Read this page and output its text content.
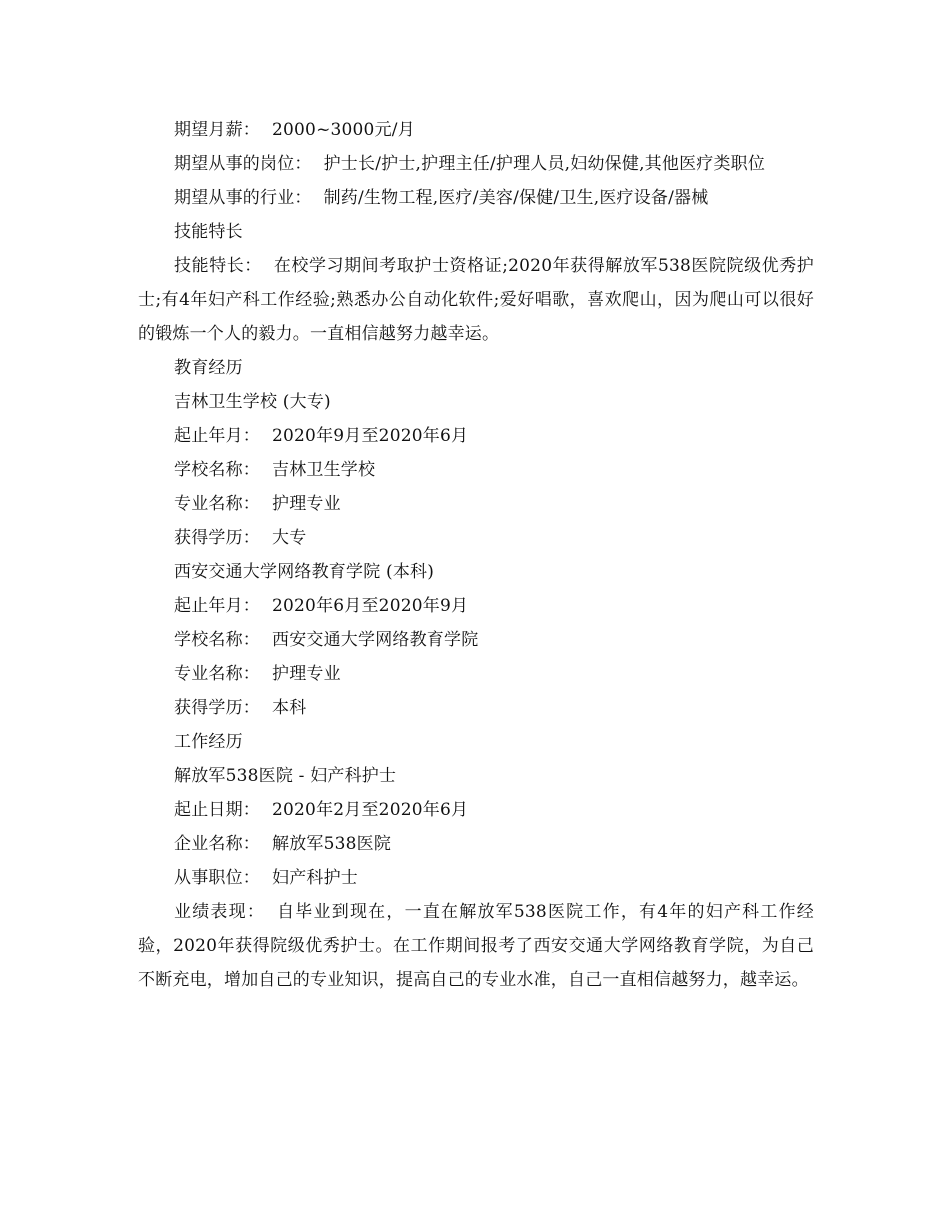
期望月薪： 2000~3000元/月

期望从事的岗位： 护士长/护士,护理主任/护理人员,妇幼保健,其他医疗类职位

期望从事的行业： 制药/生物工程,医疗/美容/保健/卫生,医疗设备/器械

技能特长

技能特长： 在校学习期间考取护士资格证;2020年获得解放军538医院院级优秀护士;有4年妇产科工作经验;熟悉办公自动化软件;爱好唱歌，喜欢爬山，因为爬山可以很好的锻炼一个人的毅力。一直相信越努力越幸运。

教育经历

吉林卫生学校 (大专)

起止年月： 2020年9月至2020年6月

学校名称： 吉林卫生学校

专业名称： 护理专业

获得学历： 大专

西安交通大学网络教育学院 (本科)

起止年月： 2020年6月至2020年9月

学校名称： 西安交通大学网络教育学院

专业名称： 护理专业

获得学历： 本科

工作经历

解放军538医院 - 妇产科护士

起止日期： 2020年2月至2020年6月

企业名称： 解放军538医院

从事职位： 妇产科护士

业绩表现： 自毕业到现在，一直在解放军538医院工作，有4年的妇产科工作经验，2020年获得院级优秀护士。在工作期间报考了西安交通大学网络教育学院，为自己不断充电，增加自己的专业知识，提高自己的专业水准，自己一直相信越努力，越幸运。
